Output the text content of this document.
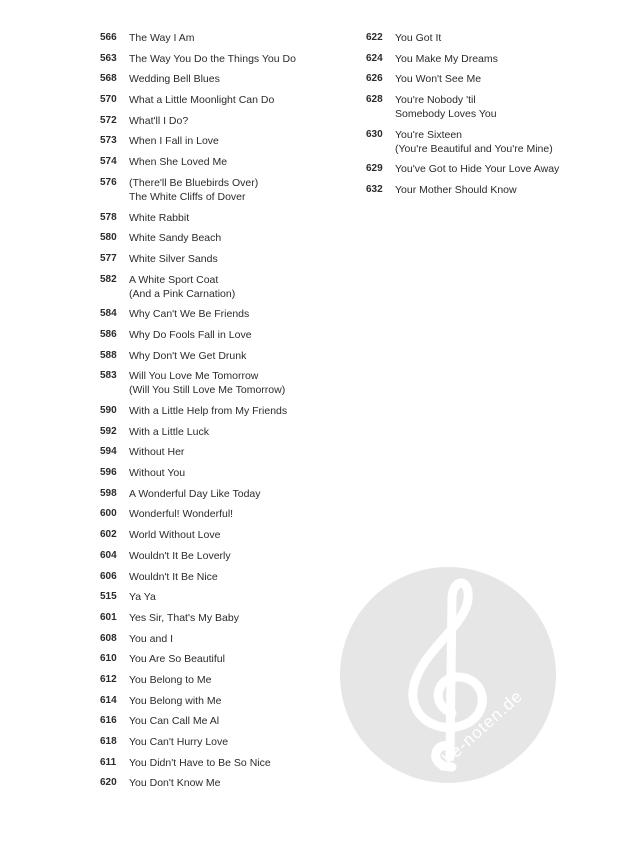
566	The Way I Am
563	The Way You Do the Things You Do
568	Wedding Bell Blues
570	What a Little Moonlight Can Do
572	What'll I Do?
573	When I Fall in Love
574	When She Loved Me
576	(There'll Be Bluebirds Over)
The White Cliffs of Dover
578	White Rabbit
580	White Sandy Beach
577	White Silver Sands
582	A White Sport Coat
(And a Pink Carnation)
584	Why Can't We Be Friends
586	Why Do Fools Fall in Love
588	Why Don't We Get Drunk
583	Will You Love Me Tomorrow
(Will You Still Love Me Tomorrow)
590	With a Little Help from My Friends
592	With a Little Luck
594	Without Her
596	Without You
598	A Wonderful Day Like Today
600	Wonderful! Wonderful!
602	World Without Love
604	Wouldn't It Be Loverly
606	Wouldn't It Be Nice
515	Ya Ya
601	Yes Sir, That's My Baby
608	You and I
610	You Are So Beautiful
612	You Belong to Me
614	You Belong with Me
616	You Can Call Me Al
618	You Can't Hurry Love
611	You Didn't Have to Be So Nice
620	You Don't Know Me
622	You Got It
624	You Make My Dreams
626	You Won't See Me
628	You're Nobody 'til
Somebody Loves You
630	You're Sixteen
(You're Beautiful and You're Mine)
629	You've Got to Hide Your Love Away
632	Your Mother Should Know
alle-noten.de
